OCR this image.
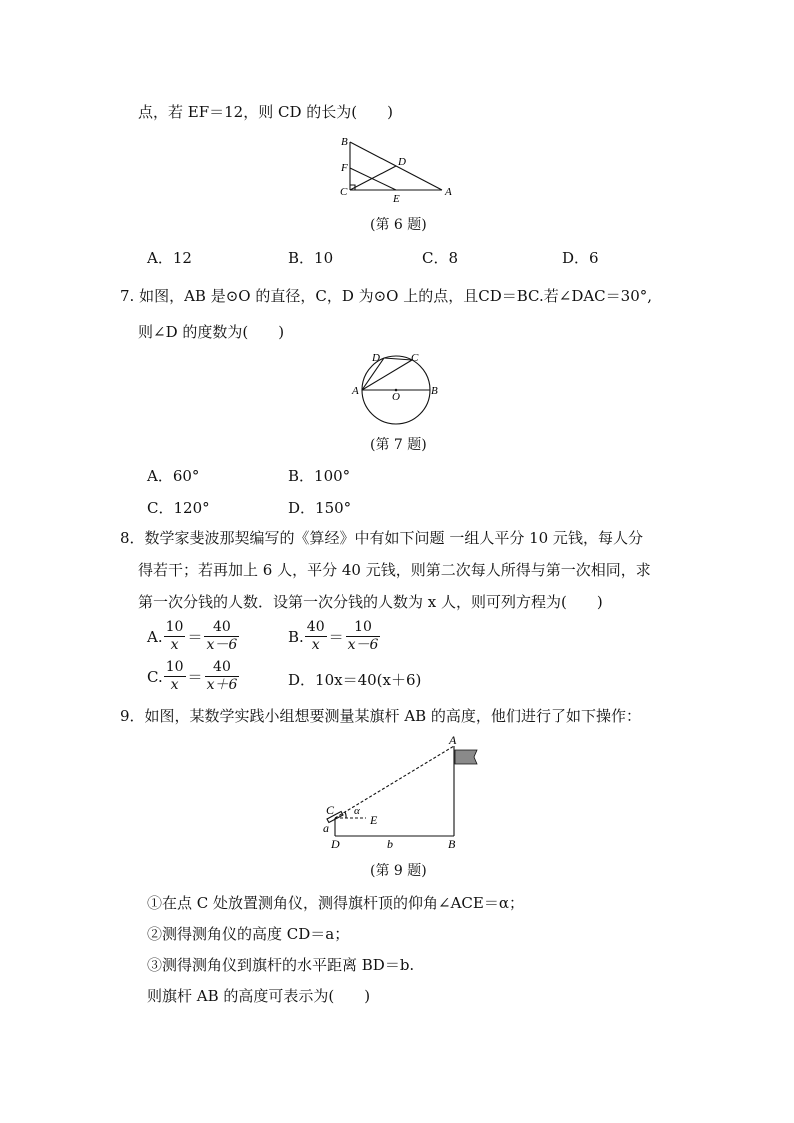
点，若 EF＝12，则 CD 的长为(　　)
B
F	D
C
E
A
(第 6 题)
A．12	B．10	C．8	D．6
7. 如图，AB 是⊙O 的直径，C，D 为⊙O 上的点，且CD＝BC.若∠DAC＝30°,
则∠D 的度数为(　　)
D	C
A	O	B
(第 7 题)
A．60°	B．100°
C．120°	D．150°
8．数学家斐波那契编写的《算经》中有如下问题 一组人平分 10 元钱，每人分
得若干；若再加上 6 人，平分 40 元钱，则第二次每人所得与第一次相同，求
第一次分钱的人数．设第一次分钱的人数为 x 人，则可列方程为(　　)
A. $\frac{10}{x} = \frac{40}{x-6}$	B. $\frac{40}{x} = \frac{10}{x-6}$
C. $\frac{10}{x} = \frac{40}{x+6}$	D．10x＝40(x＋6)
9．如图，某数学实践小组想要测量某旗杆 AB 的高度，他们进行了如下操作：
A
C α
E
a
D	b	B
(第 9 题)
①在点 C 处放置测角仪，测得旗杆顶的仰角∠ACE＝α；
②测得测角仪的高度 CD＝a；
③测得测角仪到旗杆的水平距离 BD＝b.
则旗杆 AB 的高度可表示为(　　)
